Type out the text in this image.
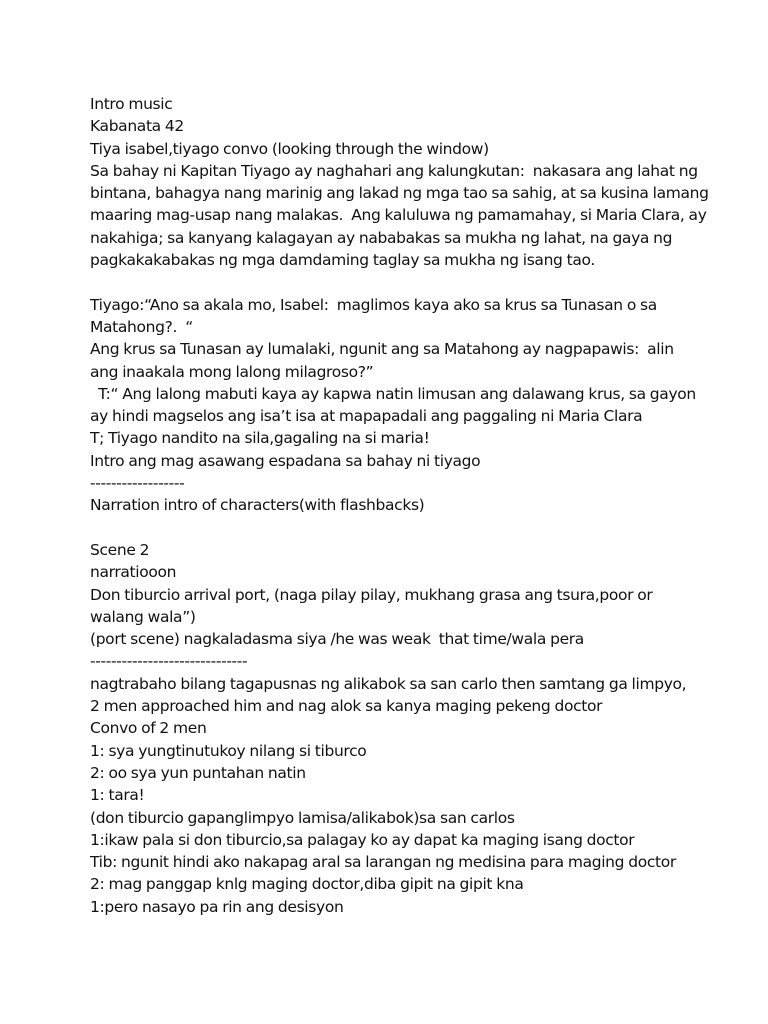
Intro music

Kabanata 42

Tiya isabel,tiyago convo (looking through the window)

Sa bahay ni Kapitan Tiyago ay naghahari ang kalungkutan:  nakasara ang lahat ng

bintana, bahagya nang marinig ang lakad ng mga tao sa sahig, at sa kusina lamang

maaring mag-usap nang malakas.  Ang kaluluwa ng pamamahay, si Maria Clara, ay

nakahiga; sa kanyang kalagayan ay nababakas sa mukha ng lahat, na gaya ng

pagkakakabakas ng mga damdaming taglay sa mukha ng isang tao.

Tiyago:“Ano sa akala mo, Isabel:  maglimos kaya ako sa krus sa Tunasan o sa

Matahong?.  “

Ang krus sa Tunasan ay lumalaki, ngunit ang sa Matahong ay nagpapawis:  alin

ang inaakala mong lalong milagroso?”

T:“ Ang lalong mabuti kaya ay kapwa natin limusan ang dalawang krus, sa gayon

ay hindi magselos ang isa’t isa at mapapadali ang paggaling ni Maria Clara

T; Tiyago nandito na sila,gagaling na si maria!

Intro ang mag asawang espadana sa bahay ni tiyago

------------------

Narration intro of characters(with flashbacks)

Scene 2

narratiooon

Don tiburcio arrival port, (naga pilay pilay, mukhang grasa ang tsura,poor or

walang wala”)

(port scene) nagkaladasma siya /he was weak  that time/wala pera

------------------------------

nagtrabaho bilang tagapusnas ng alikabok sa san carlo then samtang ga limpyo,

2 men approached him and nag alok sa kanya maging pekeng doctor

Convo of 2 men

1: sya yungtinutukoy nilang si tiburco

2: oo sya yun puntahan natin

1: tara!

(don tiburcio gapanglimpyo lamisa/alikabok)sa san carlos

1:ikaw pala si don tiburcio,sa palagay ko ay dapat ka maging isang doctor

Tib: ngunit hindi ako nakapag aral sa larangan ng medisina para maging doctor

2: mag panggap knlg maging doctor,diba gipit na gipit kna

1:pero nasayo pa rin ang desisyon
